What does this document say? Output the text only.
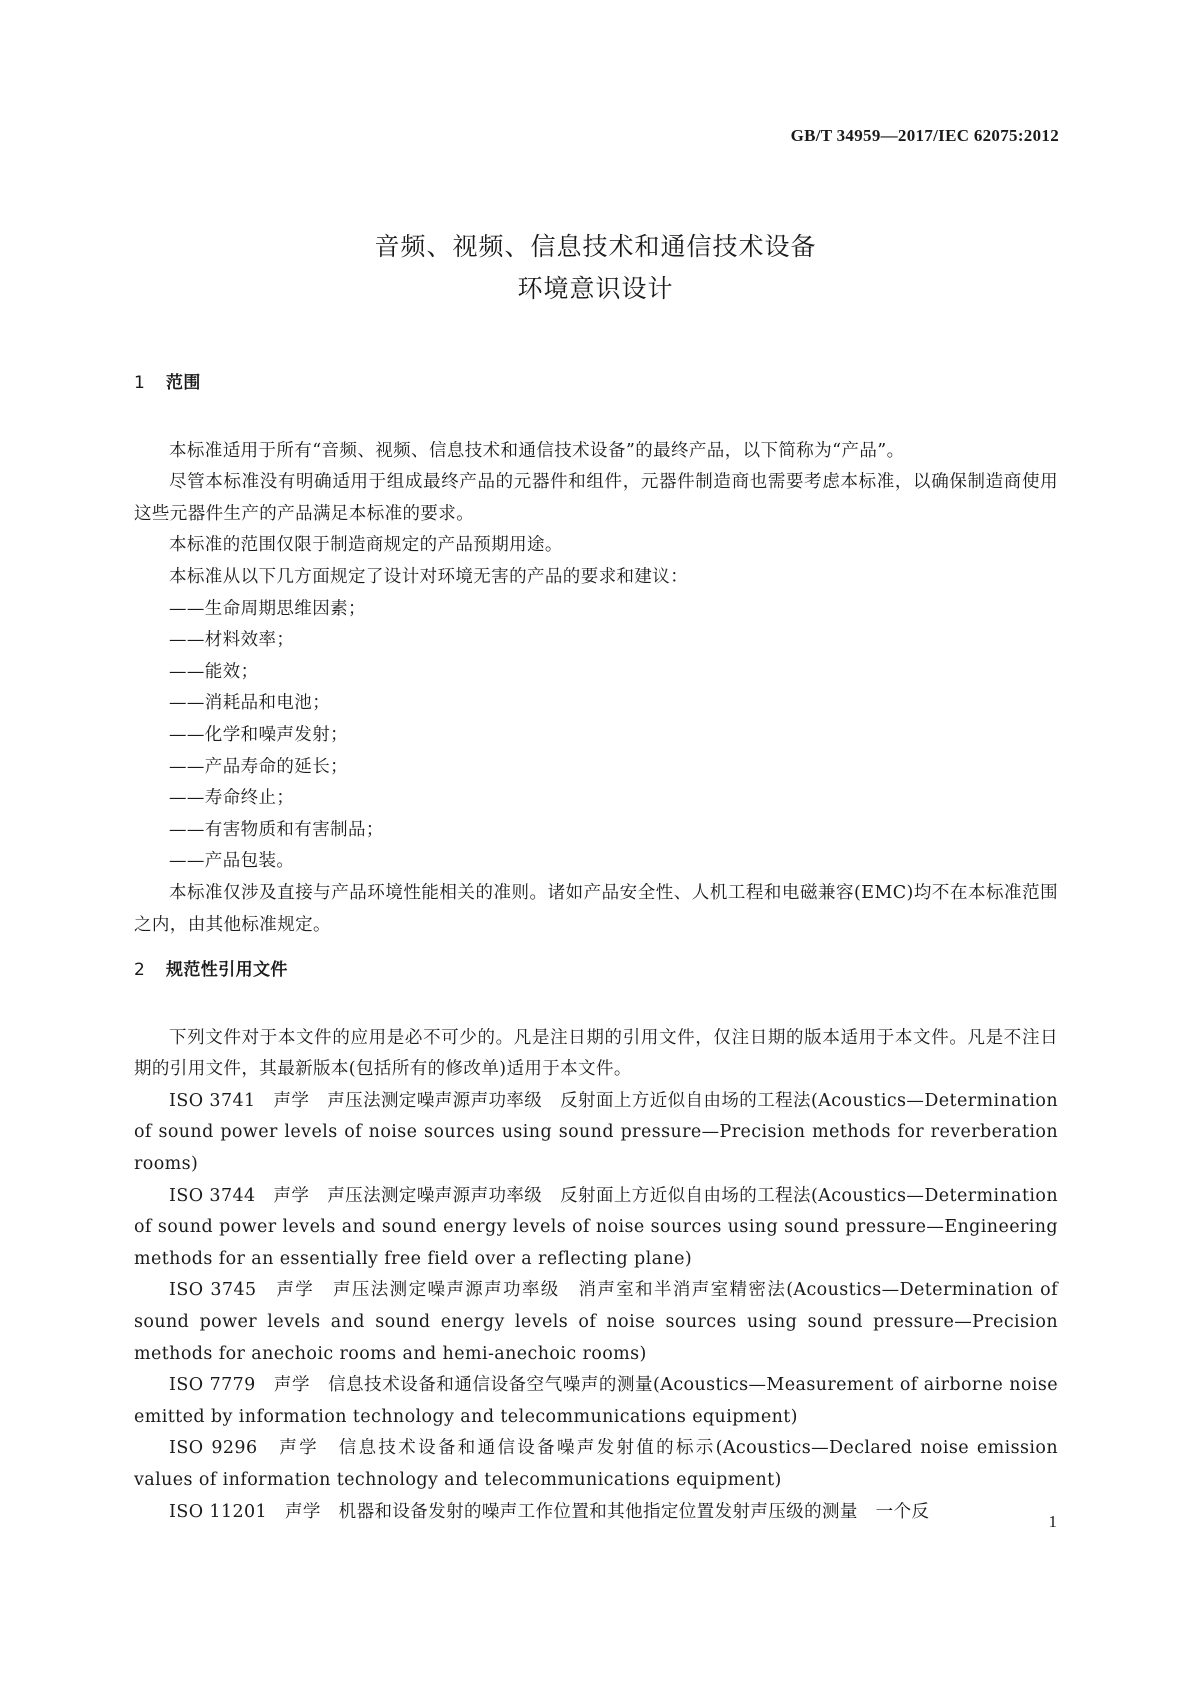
GB/T 34959—2017/IEC 62075:2012
音频、视频、信息技术和通信技术设备
环境意识设计
1 范围

本标准适用于所有“音频、视频、信息技术和通信技术设备”的最终产品，以下简称为“产品”。

尽管本标准没有明确适用于组成最终产品的元器件和组件，元器件制造商也需要考虑本标准，以确保制造商使用这些元器件生产的产品满足本标准的要求。

本标准的范围仅限于制造商规定的产品预期用途。

本标准从以下几方面规定了设计对环境无害的产品的要求和建议：

——生命周期思维因素；
——材料效率；
——能效；
——消耗品和电池；
——化学和噪声发射；
——产品寿命的延长；
——寿命终止；
——有害物质和有害制品；
——产品包装。

本标准仅涉及直接与产品环境性能相关的准则。诸如产品安全性、人机工程和电磁兼容(EMC)均不在本标准范围之内，由其他标准规定。

2 规范性引用文件

下列文件对于本文件的应用是必不可少的。凡是注日期的引用文件，仅注日期的版本适用于本文件。凡是不注日期的引用文件，其最新版本(包括所有的修改单)适用于本文件。

ISO 3741　声学　声压法测定噪声源声功率级　反射面上方近似自由场的工程法(Acoustics—Determination of sound power levels of noise sources using sound pressure—Precision methods for reverberation rooms)

ISO 3744　声学　声压法测定噪声源声功率级　反射面上方近似自由场的工程法(Acoustics—Determination of sound power levels and sound energy levels of noise sources using sound pressure—Engineering methods for an essentially free field over a reflecting plane)

ISO 3745　声学　声压法测定噪声源声功率级　消声室和半消声室精密法(Acoustics—Determination of sound power levels and sound energy levels of noise sources using sound pressure—Precision methods for anechoic rooms and hemi-anechoic rooms)

ISO 7779　声学　信息技术设备和通信设备空气噪声的测量(Acoustics—Measurement of airborne noise emitted by information technology and telecommunications equipment)

ISO 9296　声学　信息技术设备和通信设备噪声发射值的标示(Acoustics—Declared noise emission values of information technology and telecommunications equipment)

ISO 11201　声学　机器和设备发射的噪声工作位置和其他指定位置发射声压级的测量　一个反	1
